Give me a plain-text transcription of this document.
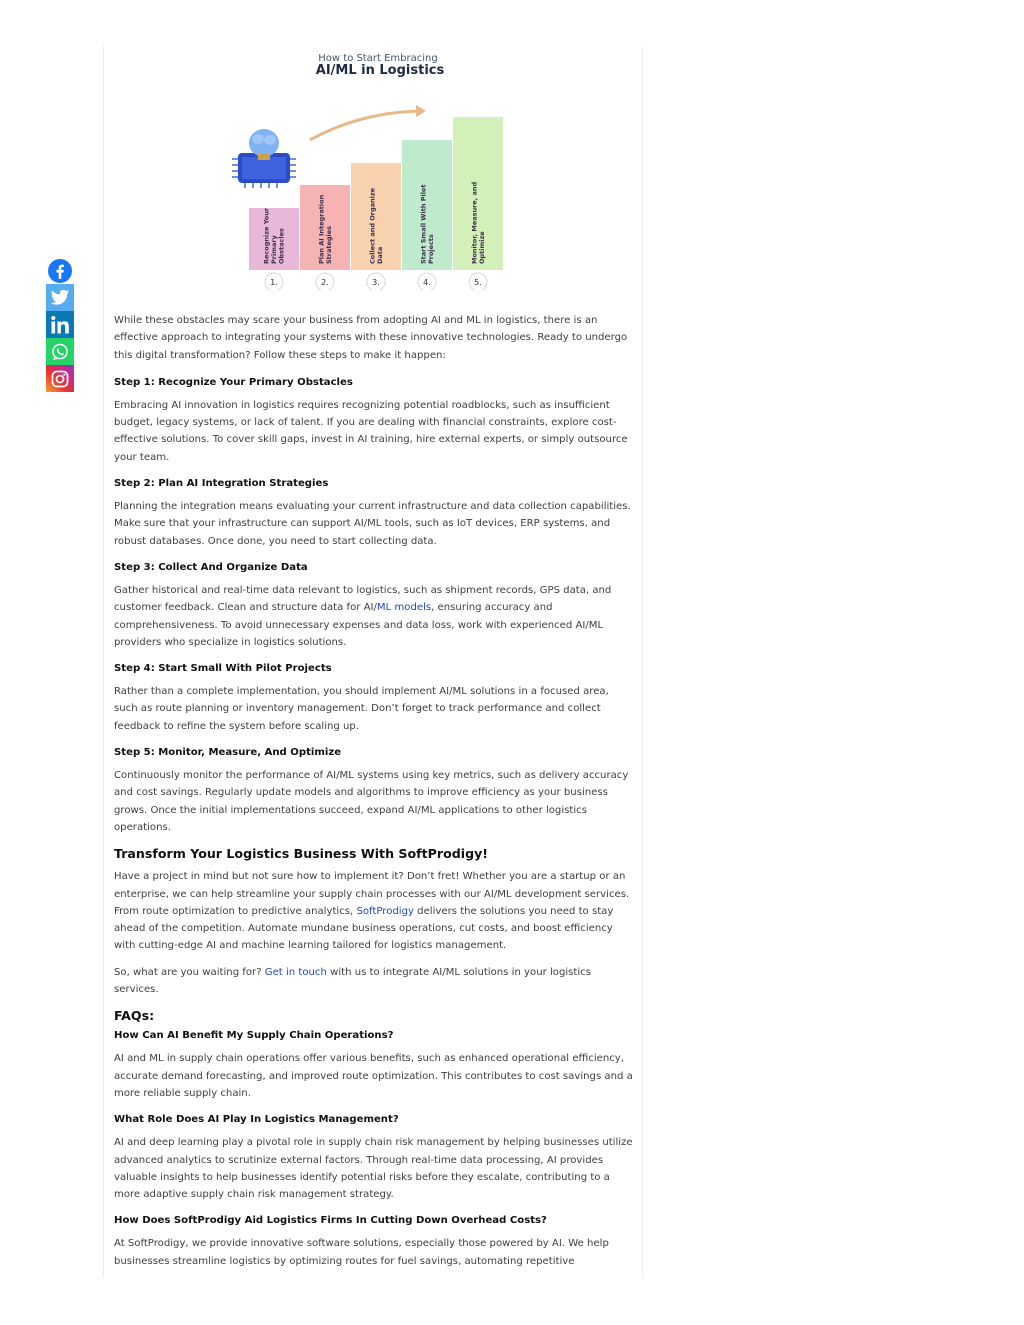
How to Start Embracing
AI/ML in Logistics
Recognize YourPrimaryObstacles
1.
Plan AI IntegrationStrategies
2.
Collect and OrganizeData
3.
Start Small With PilotProjects
4.
Monitor, Measure, andOptimize
5.

While these obstacles may scare your business from adopting AI and ML in logistics, there is an effective approach to integrating your systems with these innovative technologies. Ready to undergo this digital transformation? Follow these steps to make it happen:

Step 1: Recognize Your Primary Obstacles

Embracing AI innovation in logistics requires recognizing potential roadblocks, such as insufficient budget, legacy systems, or lack of talent. If you are dealing with financial constraints, explore cost-effective solutions. To cover skill gaps, invest in AI training, hire external experts, or simply outsource your team.

Step 2: Plan AI Integration Strategies

Planning the integration means evaluating your current infrastructure and data collection capabilities. Make sure that your infrastructure can support AI/ML tools, such as IoT devices, ERP systems, and robust databases. Once done, you need to start collecting data.

Step 3: Collect And Organize Data

Gather historical and real-time data relevant to logistics, such as shipment records, GPS data, and customer feedback. Clean and structure data for AI/ML models, ensuring accuracy and comprehensiveness. To avoid unnecessary expenses and data loss, work with experienced AI/ML providers who specialize in logistics solutions.

Step 4: Start Small With Pilot Projects

Rather than a complete implementation, you should implement AI/ML solutions in a focused area, such as route planning or inventory management. Don’t forget to track performance and collect feedback to refine the system before scaling up.

Step 5: Monitor, Measure, And Optimize

Continuously monitor the performance of AI/ML systems using key metrics, such as delivery accuracy and cost savings. Regularly update models and algorithms to improve efficiency as your business grows. Once the initial implementations succeed, expand AI/ML applications to other logistics operations.

Transform Your Logistics Business With SoftProdigy!

Have a project in mind but not sure how to implement it? Don’t fret! Whether you are a startup or an enterprise, we can help streamline your supply chain processes with our AI/ML development services. From route optimization to predictive analytics, SoftProdigy delivers the solutions you need to stay ahead of the competition. Automate mundane business operations, cut costs, and boost efficiency with cutting-edge AI and machine learning tailored for logistics management.

So, what are you waiting for? Get in touch with us to integrate AI/ML solutions in your logistics services.

FAQs:
How Can AI Benefit My Supply Chain Operations?

AI and ML in supply chain operations offer various benefits, such as enhanced operational efficiency, accurate demand forecasting, and improved route optimization. This contributes to cost savings and a more reliable supply chain.

What Role Does AI Play In Logistics Management?

AI and deep learning play a pivotal role in supply chain risk management by helping businesses utilize advanced analytics to scrutinize external factors. Through real-time data processing, AI provides valuable insights to help businesses identify potential risks before they escalate, contributing to a more adaptive supply chain risk management strategy.

How Does SoftProdigy Aid Logistics Firms In Cutting Down Overhead Costs?

At SoftProdigy, we provide innovative software solutions, especially those powered by AI. We help businesses streamline logistics by optimizing routes for fuel savings, automating repetitive
